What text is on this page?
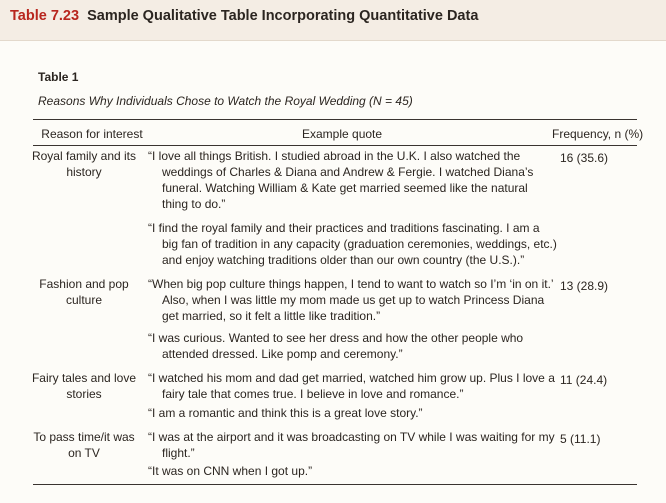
Table 7.23 Sample Qualitative Table Incorporating Quantitative Data
Table 1
Reasons Why Individuals Chose to Watch the Royal Wedding (N = 45)
Reason for interest	Example quote	Frequency, n (%)
Royal family and its history
“I love all things British. I studied abroad in the U.K. I also watched the weddings of Charles & Diana and Andrew & Fergie. I watched Diana’s funeral. Watching William & Kate get married seemed like the natural thing to do.”
“I find the royal family and their practices and traditions fascinating. I am a big fan of tradition in any capacity (graduation ceremonies, weddings, etc.) and enjoy watching traditions older than our own country (the U.S.).”
16 (35.6)
Fashion and pop culture
“When big pop culture things happen, I tend to want to watch so I’m ‘in on it.’ Also, when I was little my mom made us get up to watch Princess Diana get married, so it felt a little like tradition.”
“I was curious. Wanted to see her dress and how the other people who attended dressed. Like pomp and ceremony.”
13 (28.9)
Fairy tales and love stories
“I watched his mom and dad get married, watched him grow up. Plus I love a fairy tale that comes true. I believe in love and romance.”
“I am a romantic and think this is a great love story.”
11 (24.4)
To pass time/it was on TV
“I was at the airport and it was broadcasting on TV while I was waiting for my flight.”
“It was on CNN when I got up.”
5 (11.1)
